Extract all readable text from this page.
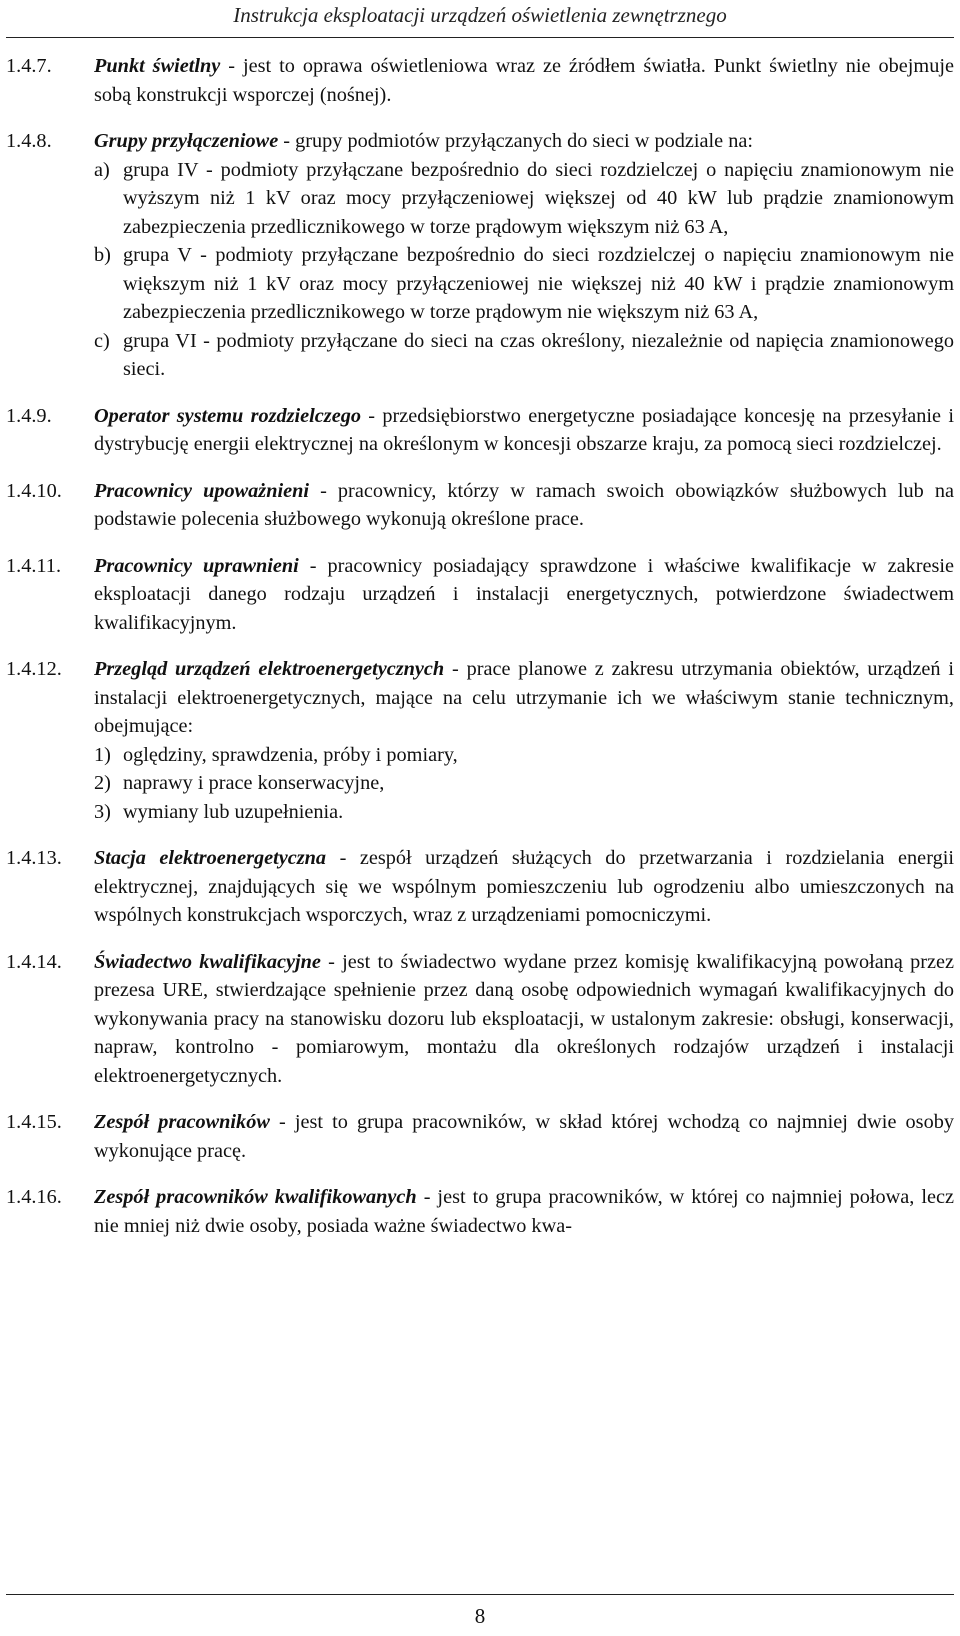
Instrukcja eksploatacji urządzeń oświetlenia zewnętrznego
1.4.7.	Punkt świetlny - jest to oprawa oświetleniowa wraz ze źródłem światła. Punkt świetlny nie obejmuje sobą konstrukcji wsporczej (nośnej).
1.4.8.	Grupy przyłączeniowe - grupy podmiotów przyłączanych do sieci w podziale na:
a) grupa IV - podmioty przyłączane bezpośrednio do sieci rozdzielczej o napięciu znamionowym nie wyższym niż 1 kV oraz mocy przyłączeniowej większej od 40 kW lub prądzie znamionowym zabezpieczenia przedlicznikowego w torze prądowym większym niż 63 A,
b) grupa V - podmioty przyłączane bezpośrednio do sieci rozdzielczej o napięciu znamionowym nie większym niż 1 kV oraz mocy przyłączeniowej nie większej niż 40 kW i prądzie znamionowym zabezpieczenia przedlicznikowego w torze prądowym nie większym niż 63 A,
c) grupa VI - podmioty przyłączane do sieci na czas określony, niezależnie od napięcia znamionowego sieci.
1.4.9.	Operator systemu rozdzielczego - przedsiębiorstwo energetyczne posiadające koncesję na przesyłanie i dystrybucję energii elektrycznej na określonym w koncesji obszarze kraju, za pomocą sieci rozdzielczej.
1.4.10.	Pracownicy upoważnieni - pracownicy, którzy w ramach swoich obowiązków służbowych lub na podstawie polecenia służbowego wykonują określone prace.
1.4.11.	Pracownicy uprawnieni - pracownicy posiadający sprawdzone i właściwe kwalifikacje w zakresie eksploatacji danego rodzaju urządzeń i instalacji energetycznych, potwierdzone świadectwem kwalifikacyjnym.
1.4.12.	Przegląd urządzeń elektroenergetycznych - prace planowe z zakresu utrzymania obiektów, urządzeń i instalacji elektroenergetycznych, mające na celu utrzymanie ich we właściwym stanie technicznym, obejmujące:
1) oględziny, sprawdzenia, próby i pomiary,
2) naprawy i prace konserwacyjne,
3) wymiany lub uzupełnienia.
1.4.13.	Stacja elektroenergetyczna - zespół urządzeń służących do przetwarzania i rozdzielania energii elektrycznej, znajdujących się we wspólnym pomieszczeniu lub ogrodzeniu albo umieszczonych na wspólnych konstrukcjach wsporczych, wraz z urządzeniami pomocniczymi.
1.4.14.	Świadectwo kwalifikacyjne - jest to świadectwo wydane przez komisję kwalifikacyjną powołaną przez prezesa URE, stwierdzające spełnienie przez daną osobę odpowiednich wymagań kwalifikacyjnych do wykonywania pracy na stanowisku dozoru lub eksploatacji, w ustalonym zakresie: obsługi, konserwacji, napraw, kontrolno - pomiarowym, montażu dla określonych rodzajów urządzeń i instalacji elektroenergetycznych.
1.4.15.	Zespół pracowników - jest to grupa pracowników, w skład której wchodzą co najmniej dwie osoby wykonujące pracę.
1.4.16.	Zespół pracowników kwalifikowanych - jest to grupa pracowników, w której co najmniej połowa, lecz nie mniej niż dwie osoby, posiada ważne świadectwo kwa-
8
